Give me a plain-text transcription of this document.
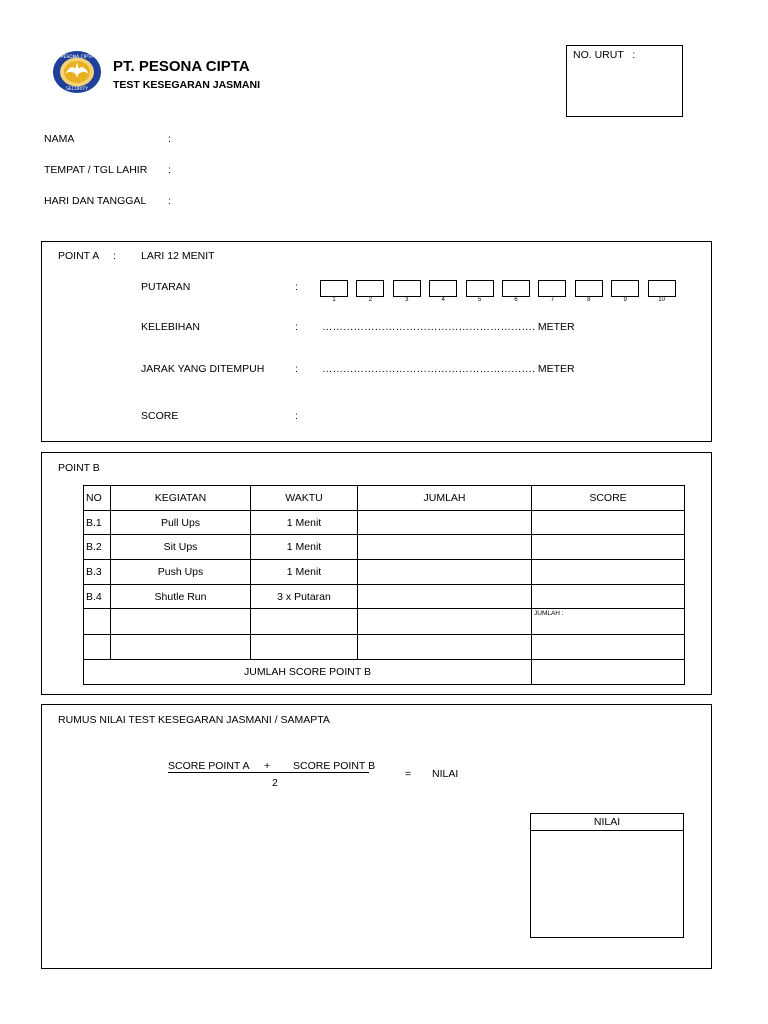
PESONA CIPTA
SECURITY
PT. PESONA CIPTA
TEST KESEGARAN JASMANI
NO. URUT   :
NAMA	:
TEMPAT / TGL LAHIR :
HARI DAN TANGGAL :
POINT A : LARI 12 MENIT
PUTARAN	:
1	2	3	4	5	6	7	8	9	10
KELEBIHAN	: ……………………………………………………. METER
JARAK YANG DITEMPUH	: ……………………………………………………. METER
SCORE	:
POINT B
NO	KEGIATAN	WAKTU	JUMLAH	SCORE
B.1	Pull Ups	1 Menit		
B.2	Sit Ups	1 Menit		
B.3	Push Ups	1 Menit		
B.4	Shutle Run	3 x Putaran		
				JUMLAH :

JUMLAH SCORE POINT B				
RUMUS NILAI TEST KESEGARAN JASMANI / SAMAPTA
SCORE POINT A + SCORE POINT B
2
= NILAI
NILAI
